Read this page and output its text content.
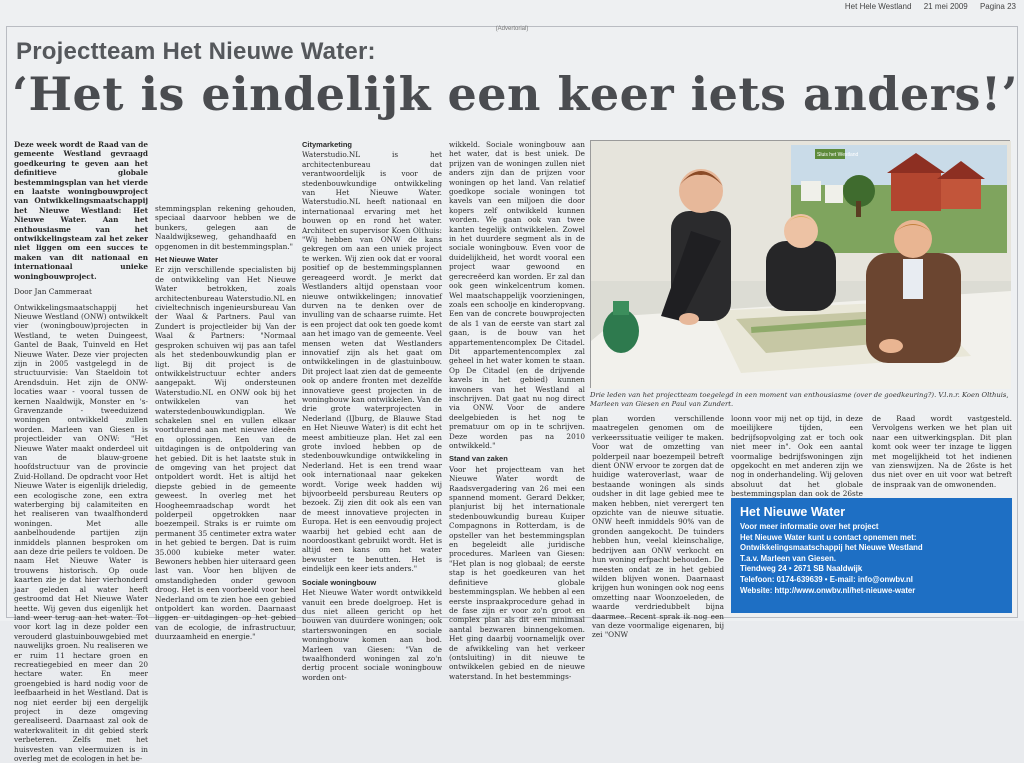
Het Hele Westland 21 mei 2009 Pagina 23
(Advertorial)
Projectteam Het Nieuwe Water:
‘Het is eindelijk een keer iets anders!’

Deze week wordt de Raad van de gemeente Westland gevraagd goedkeuring te geven aan het definitieve globale bestemmingsplan van het vierde en laatste woningbouwproject van Ontwikkelingsmaatschappij het Nieuwe Westland: Het Nieuwe Water. Aan het enthousiasme van het ontwikkelingsteam zal het zeker niet liggen om een succes te maken van dit nationaal en internationaal unieke woningbouwproject.

Door Jan Cammeraat

Ontwikkelingsmaatschappij het Nieuwe Westland (ONW) ontwikkelt vier (woningbouw)projecten in Westland, te weten Duingeest, Gantel de Baak, Tuinveld en Het Nieuwe Water. Deze vier projecten zijn in 2005 vastgelegd in de structuurvisie: Van Staeldoin tot Arendsduin. Het zijn de ONW-locaties waar - vooral tussen de kernen Naaldwijk, Monster en 's-Gravenzande - tweeduizend woningen ontwikkeld zullen worden. Marleen van Giesen is projectleider van ONW: "Het Nieuwe Water maakt onderdeel uit van de blauw-groene hoofdstructuur van de provincie Zuid-Holland. De opdracht voor Het Nieuwe Water is eigenlijk drieledig, een ecologische zone, een extra waterberging bij calamiteiten en het realiseren van twaalfhonderd woningen. Met alle aanbelhoudende partijen zijn inmiddels plannen besproken om aan deze drie peilers te voldoen. De naam Het Nieuwe Water is trouwens historisch. Op oude kaarten zie je dat hier vierhonderd jaar geleden al water heeft gestroomd dat Het Nieuwe Water heette. Wij geven dus eigenlijk het land weer terug aan het water. Tot voor kort lag in deze polder een verouderd glastuinbouwgebied met nauwelijks groen. Nu realiseren we er ruim 11 hectare groen en recreatiegebied en meer dan 20 hectare water. En meer groengebied is hard nodig voor de leefbaarheid in het Westland. Dat is nog niet eerder bij een dergelijk project in deze omgeving gerealiseerd. Daarnaast zal ook de waterkwaliteit in dit gebied sterk verbeteren. Zelfs met het huisvesten van vleermuizen is in overleg met de ecologen in het be-

stemmingsplan rekening gehouden, speciaal daarvoor hebben we de bunkers, gelegen aan de Naaldwijkseweg, gehandhaafd en opgenomen in dit bestemmingsplan."

Het Nieuwe Water

Er zijn verschillende specialisten bij de ontwikkeling van Het Nieuwe Water betrokken, zoals architectenbureau Waterstudio.NL en civieltechnisch ingenieursbureau Van der Waal & Partners. Paul van Zundert is projectleider bij Van der Waal & Partners: "Normaal gesproken schuiven wij pas aan tafel als het stedenbouwkundig plan er ligt. Bij dit project is de ontwikkelstructuur echter anders aangepakt. Wij ondersteunen Waterstudio.NL en ONW ook bij het ontwikkelen van het waterstedenbouwkundigplan. We schakelen snel en vullen elkaar voortdurend aan met nieuwe ideeën en oplossingen. Een van de uitdagingen is de ontpoldering van het gebied. Dit is het laatste stuk in de omgeving van het project dat ontpoldert wordt. Het is altijd het diepste gebied in de gemeente geweest. In overleg met het Hoogheemraadschap wordt het polderpeil opgetrokken naar boezempeil. Straks is er ruimte om permanent 35 centimeter extra water in het gebied te bergen. Dat is ruim 35.000 kubieke meter water. Bewoners hebben hier uiteraard geen last van. Voor hen blijven de omstandigheden onder gewoon droog. Het is een voorbeeld voor heel Nederland om te zien hoe een gebied ontpoldert kan worden. Daarnaast liggen er uitdagingen op het gebied van de ecologie, de infrastructuur, duurzaamheid en energie."

Citymarketing

Waterstudio.NL is het architectenbureau dat verantwoordelijk is voor de stedenbouwkundige ontwikkeling van Het Nieuwe Water. Waterstudio.NL heeft nationaal en internationaal ervaring met het bouwen op en rond het water. Architect en supervisor Koen Olthuis: "Wij hebben van ONW de kans gekregen om aan een uniek project te werken. Wij zien ook dat er vooral positief op de bestemmingsplannen gereageerd wordt. Je merkt dat Westlanders altijd openstaan voor nieuwe ontwikkelingen; innovatief durven na te denken over de invulling van de schaarse ruimte. Het is een project dat ook ten goede komt aan het imago van de gemeente. Veel mensen weten dat Westlanders innovatief zijn als het gaat om ontwikkelingen in de glastuinbouw. Dit project laat zien dat de gemeente ook op andere fronten met dezelfde innovatieve geest projecten in de woningbouw kan ontwikkelen. Van de drie grote waterprojecten in Nederland (IJburg, de Blauwe Stad en Het Nieuwe Water) is dit echt het meest ambitieuze plan. Het zal een grote invloed hebben op de stedenbouwkundige ontwikkeling in Nederland. Het is een trend waar ook internationaal naar gekeken wordt. Vorige week hadden wij bijvoorbeeld persbureau Reuters op bezoek. Zij zien dit ook als een van de meest innovatieve projecten in Europa. Het is een eenvoudig project waarbij het gebied echt aan de noordoostkant gebruikt wordt. Het is altijd een kans om het water bewuster te benutten. Het is eindelijk een keer iets anders."

Sociale woningbouw

Het Nieuwe Water wordt ontwikkeld vanuit een brede doelgroep. Het is dus niet alleen gericht op het bouwen van duurdere woningen; ook starterswoningen en sociale woningbouw komen aan bod. Marleen van Giesen: "Van de twaalfhonderd woningen zal zo'n dertig procent sociale woningbouw worden ont-

wikkeld. Sociale woningbouw aan het water, dat is best uniek. De prijzen van de woningen zullen niet anders zijn dan de prijzen voor woningen op het land. Van relatief goedkope sociale woningen tot kavels van een miljoen die door kopers zelf ontwikkeld kunnen worden. We gaan ook van twee kanten tegelijk ontwikkelen. Zowel in het duurdere segment als in de sociale woningbouw. Even voor de duidelijkheid, het wordt vooral een project waar gewoond en gerecreëerd kan worden. Er zal dan ook geen winkelcentrum komen. Wel maatschappelijk voorzieningen, zoals een schoolje en kinderopvang. Een van de concrete bouwprojecten de als 1 van de eerste van start zal gaan, is de bouw van het appartementencomplex De Citadel. Dit appartementencomplex zal geheel in het water komen te staan. Op De Citadel (en de drijvende kavels in het gebied) kunnen inwoners van het Westland al inschrijven. Dat gaat nu nog direct via ONW. Voor de andere deelgebieden is het nog te prematuur om op in te schrijven. Deze worden pas na 2010 ontwikkeld."

Stand van zaken

Voor het projectteam van het Nieuwe Water wordt de Raadsvergadering van 26 mei een spannend moment. Gerard Dekker, planjurist bij het internationale stedenbouwkundig bureau Kuiper Compagnons in Rotterdam, is de opsteller van het bestemmingsplan en begeleidt alle juridische procedures. Marleen van Giesen: "Het plan is nog globaal; de eerste stap is het goedkeuren van het definitieve globale bestemmingsplan. We hebben al een eerste inspraakprocedure gehad in de fase zijn er voor zo'n groot en complex plan als dit een minimaal aantal bezwaren binnengekomen. Het ging daarbij voornamelijk over de afwikkeling van het verkeer (ontsluiting) in dit nieuwe te ontwikkelen gebied en de nieuwe waterstand. In het bestemmings-

Sluis het Westland
Drie leden van het projectteam toegelegd in een moment van enthousiasme (over de goedkeuring?). V.l.n.r. Koen Olthuis, Marleen van Giesen en Paul van Zundert.

plan worden verschillende maatregelen genomen om de verkeerssituatie veiliger te maken. Voor wat de omzetting van polderpeil naar boezempeil betreft dient ONW ervoor te zorgen dat de huidige wateroverlast, waar de bestaande woningen als sinds oudsher in dit lage gebied mee te maken hebben, niet verergert ten opzichte van de nieuwe situatie. ONW heeft inmiddels 90% van de gronden aangekocht. De tuinders hebben hun, veelal kleinschalige, bedrijven aan ONW verkocht en hun woning erfpacht behouden. De meesten ondat ze in het gebied wilden blijven wonen. Daarnaast krijgen hun woningen ook nog eens omzetting naar Woonzoeleden, de waarde verdriedubbelt bijna daarmee. Recent sprak ik nog een van deze voormalige eigenaren, bij zei "ONW

loonn voor mij net op tijd, in deze moeilijkere tijden, een bedrijfsopvolging zat er toch ook niet meer in". Ook een aantal voormalige bedrijfswoningen zijn opgekocht en met anderen zijn we nog in onderhandeling. Wij geloven absoluut dat het globale bestemmingsplan dan ook de 26ste

de Raad wordt vastgesteld. Vervolgens werken we het plan uit naar een uitwerkingsplan. Dit plan komt ook weer ter inzage te liggen met mogelijkheid tot het indienen van zienswijzen. Na de 26ste is het dus niet over en uit voor wat betreft de inspraak van de omwonenden.

Het Nieuwe Water
Voor meer informatie over het project
Het Nieuwe Water kunt u contact opnemen met:
Ontwikkelingsmaatschappij het Nieuwe Westland
T.a.v. Marleen van Giesen.
Tiendweg 24 • 2671 SB Naaldwijk
Telefoon: 0174-639639 • E-mail: info@onwbv.nl
Website: http://www.onwbv.nl/het-nieuwe-water
